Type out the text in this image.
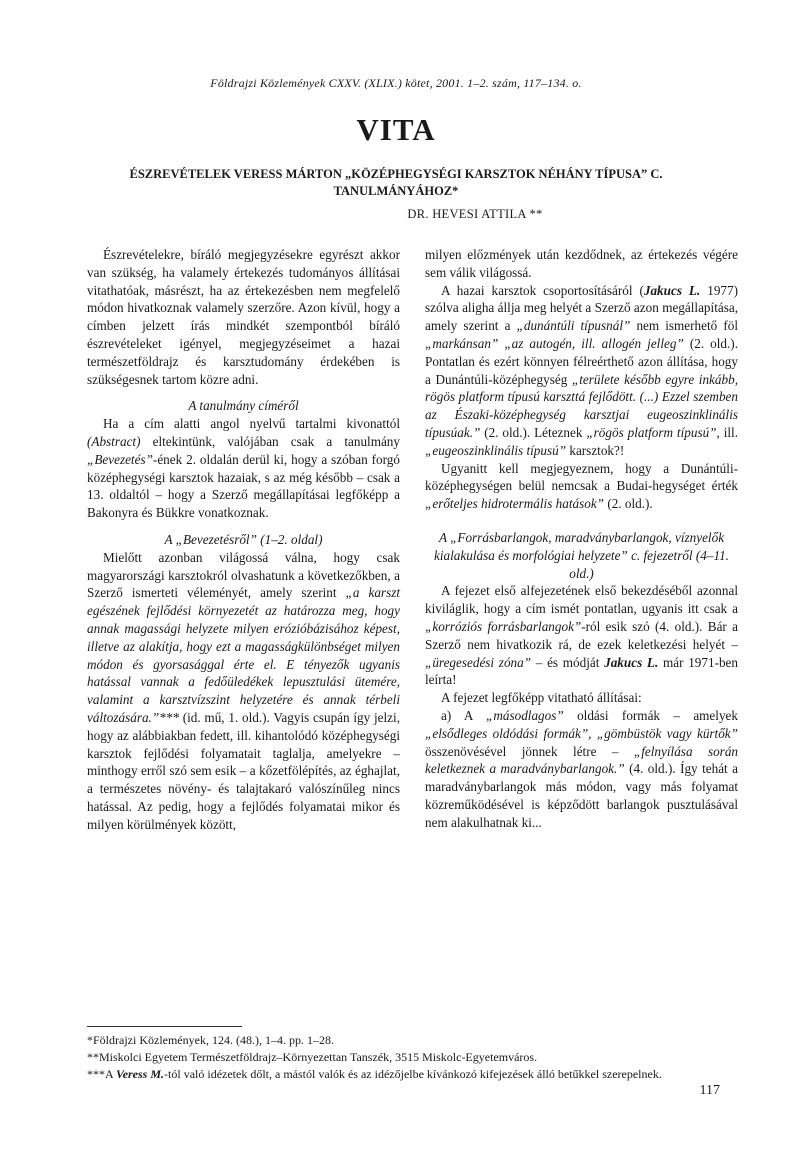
Földrajzi Közlemények CXXV. (XLIX.) kötet, 2001. 1–2. szám, 117–134. o.
VITA
ÉSZREVÉTELEK VERESS MÁRTON „KÖZÉPHEGYSÉGI KARSZTOK NÉHÁNY TÍPUSA” C. TANULMÁNYÁHOZ*
DR. HEVESI ATTILA **

Észrevételekre, bíráló megjegyzésekre egyrészt akkor van szükség, ha valamely értekezés tudományos állításai vitathatóak, másrészt, ha az értekezésben nem megfelelő módon hivatkoznak valamely szerzőre. Azon kívül, hogy a címben jelzett írás mindkét szempontból bíráló észrevételeket igényel, megjegyzéseimet a hazai természetföldrajz és karsztudomány érdekében is szükségesnek tartom közre adni.

A tanulmány címéről

Ha a cím alatti angol nyelvű tartalmi kivonattól (Abstract) eltekintünk, valójában csak a tanulmány „Bevezetés”-ének 2. oldalán derül ki, hogy a szóban forgó középhegységi karsztok hazaiak, s az még később – csak a 13. oldaltól – hogy a Szerző megállapításai legfőképp a Bakonyra és Bükkre vonatkoznak.

A „Bevezetésről” (1–2. oldal)

Mielőtt azonban világossá válna, hogy csak magyarországi karsztokról olvashatunk a következőkben, a Szerző ismerteti véleményét, amely szerint „a karszt egészének fejlődési környezetét az határozza meg, hogy annak magassági helyzete milyen erózióbázisához képest, illetve az alakítja, hogy ezt a magasságkülönbséget milyen módon és gyorsasággal érte el. E tényezők ugyanis hatással vannak a fedőüledékek lepusztulási ütemére, valamint a karsztvízszint helyzetére és annak térbeli változására.”*** (id. mű, 1. old.). Vagyis csupán így jelzi, hogy az alábbiakban fedett, ill. kihantolódó középhegységi karsztok fejlődési folyamatait taglalja, amelyekre – minthogy erről szó sem esik – a kőzetfölépítés, az éghajlat, a természetes növény- és talajtakaró valószínűleg nincs hatással. Az pedig, hogy a fejlődés folyamatai mikor és milyen körülmények között,

milyen előzmények után kezdődnek, az értekezés végére sem válik világossá.

A hazai karsztok csoportosításáról (Jakucs L. 1977) szólva aligha állja meg helyét a Szerző azon megállapítása, amely szerint a „dunántúli típusnál” nem ismerhető föl „markánsan” „az autogén, ill. allogén jelleg” (2. old.). Pontatlan és ezért könnyen félreérthető azon állítása, hogy a Dunántúli-középhegység „területe később egyre inkább, rögös platform típusú karszttá fejlődött. (...) Ezzel szemben az Északi-középhegység karsztjai eugeoszinklinális típusúak.” (2. old.). Léteznek „rögös platform típusú”, ill. „eugeoszinklinális típusú” karsztok?!

Ugyanitt kell megjegyeznem, hogy a Dunántúli-középhegységen belül nemcsak a Budai-hegységet érték „erőteljes hidrotermális hatások” (2. old.).

A „Forrásbarlangok, maradványbarlangok, víznyelők kialakulása és morfológiai helyzete” c. fejezetről (4–11. old.)

A fejezet első alfejezetének első bekezdéséből azonnal kiviláglik, hogy a cím ismét pontatlan, ugyanis itt csak a „korróziós forrásbarlangok”-ról esik szó (4. old.). Bár a Szerző nem hivatkozik rá, de ezek keletkezési helyét – „üregesedési zóna” – és módját Jakucs L. már 1971-ben leírta!

A fejezet legfőképp vitatható állításai:

a) A „másodlagos” oldási formák – amelyek „elsődleges oldódási formák”, „gömbüstök vagy kürtők” összenövésével jönnek létre – „felnyílása során keletkeznek a maradványbarlangok.” (4. old.). Így tehát a maradványbarlangok más módon, vagy más folyamat közreműködésével is képződött barlangok pusztulásával nem alakulhatnak ki...

*Földrajzi Közlemények, 124. (48.), 1–4. pp. 1–28.
**Miskolci Egyetem Természetföldrajz–Környezettan Tanszék, 3515 Miskolc-Egyetemváros.
***A Veress M.-tól való idézetek dőlt, a mástól valók és az idézőjelbe kívánkozó kifejezések álló betűkkel szerepelnek.
117
